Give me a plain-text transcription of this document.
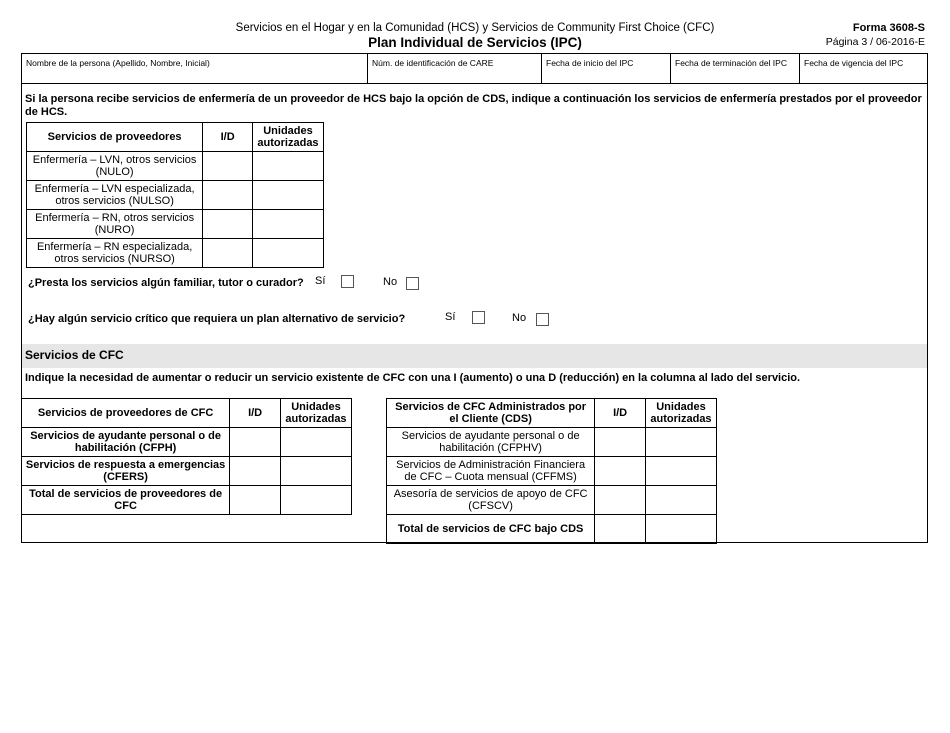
Servicios en el Hogar y en la Comunidad (HCS) y Servicios de Community First Choice (CFC)
Plan Individual de Servicios (IPC)
Forma 3608-S
Página 3 / 06-2016-E
Nombre de la persona (Apellido, Nombre, Inicial)	Núm. de identificación de CARE	Fecha de inicio del IPC	Fecha de terminación del IPC	Fecha de vigencia del IPC
Si la persona recibe servicios de enfermería de un proveedor de HCS bajo la opción de CDS, indique a continuación los servicios de enfermería prestados por el proveedor de HCS.
Servicios de proveedores	I/D	Unidades autorizadas
Enfermería – LVN, otros servicios (NULO)		
Enfermería – LVN especializada, otros servicios (NULSO)		
Enfermería – RN, otros servicios (NURO)		
Enfermería – RN especializada, otros servicios (NURSO)		
¿Presta los servicios algún familiar, tutor o curador? Sí	No
¿Hay algún servicio crítico que requiera un plan alternativo de servicio?	Sí	No
Servicios de CFC
Indique la necesidad de aumentar o reducir un servicio existente de CFC con una I (aumento) o una D (reducción) en la columna al lado del servicio.
Servicios de proveedores de CFC	I/D	Unidades autorizadas
Servicios de ayudante personal o de habilitación (CFPH)		
Servicios de respuesta a emergencias (CFERS)		
Total de servicios de proveedores de CFC		
Servicios de CFC Administrados por el Cliente (CDS)	I/D	Unidades autorizadas
Servicios de ayudante personal o de habilitación (CFPHV)		
Servicios de Administración Financiera de CFC – Cuota mensual (CFFMS)		
Asesoría de servicios de apoyo de CFC (CFSCV)		
Total de servicios de CFC bajo CDS		
